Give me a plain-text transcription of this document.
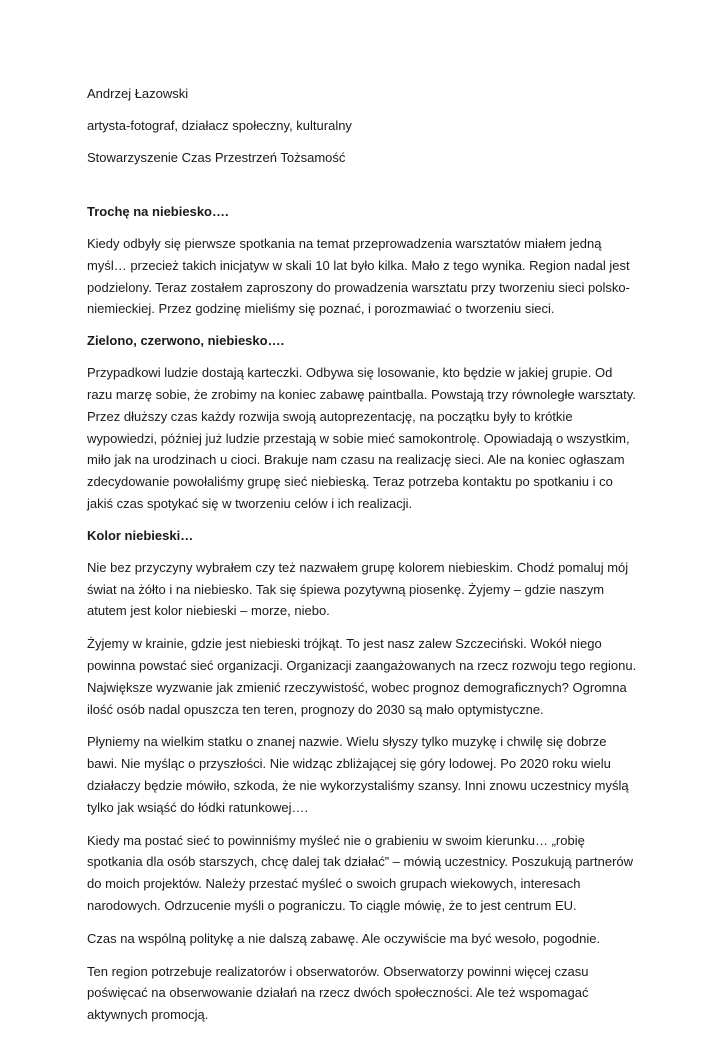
Andrzej Łazowski

artysta-fotograf, działacz społeczny, kulturalny

Stowarzyszenie Czas Przestrzeń Tożsamość

Trochę na niebiesko….

Kiedy odbyły się pierwsze spotkania na temat przeprowadzenia warsztatów miałem jedną myśl… przecież takich inicjatyw w skali 10 lat było kilka. Mało z tego wynika. Region nadal jest podzielony. Teraz zostałem zaproszony do prowadzenia warsztatu przy tworzeniu sieci polsko-niemieckiej. Przez godzinę mieliśmy się poznać, i porozmawiać o tworzeniu sieci.

Zielono, czerwono, niebiesko….

Przypadkowi ludzie dostają karteczki. Odbywa się losowanie, kto będzie w jakiej grupie. Od razu marzę sobie, że zrobimy na koniec zabawę paintballa. Powstają trzy równoległe warsztaty. Przez dłuższy czas każdy rozwija swoją autoprezentację, na początku były to krótkie wypowiedzi, później już ludzie przestają w sobie mieć samokontrolę. Opowiadają o wszystkim, miło jak na urodzinach u cioci. Brakuje nam czasu na realizację sieci. Ale na koniec ogłaszam zdecydowanie powołaliśmy grupę sieć niebieską. Teraz potrzeba kontaktu po spotkaniu i co jakiś czas spotykać się w tworzeniu celów i ich realizacji.

Kolor niebieski…

Nie bez przyczyny wybrałem czy też nazwałem grupę kolorem niebieskim. Chodź pomaluj mój świat na żółto i na niebiesko. Tak się śpiewa pozytywną piosenkę. Żyjemy – gdzie naszym atutem jest kolor niebieski – morze, niebo.

Żyjemy w krainie, gdzie jest niebieski trójkąt. To jest nasz zalew Szczeciński. Wokół niego powinna powstać sieć organizacji. Organizacji zaangażowanych na rzecz rozwoju tego regionu. Największe wyzwanie jak zmienić rzeczywistość, wobec prognoz demograficznych? Ogromna ilość osób nadal opuszcza ten teren, prognozy do 2030 są mało optymistyczne.

Płyniemy na wielkim statku o znanej nazwie. Wielu słyszy tylko muzykę i chwilę się dobrze bawi. Nie myśląc o przyszłości. Nie widząc zbliżającej się góry lodowej. Po 2020 roku wielu działaczy będzie mówiło, szkoda, że nie wykorzystaliśmy szansy. Inni znowu uczestnicy myślą tylko jak wsiąść do łódki ratunkowej….

Kiedy ma postać sieć to powinniśmy myśleć nie o grabieniu w swoim kierunku… „robię spotkania dla osób starszych, chcę dalej tak działać” – mówią uczestnicy. Poszukują partnerów do moich projektów. Należy przestać myśleć o swoich grupach wiekowych, interesach narodowych. Odrzucenie myśli o pograniczu. To ciągle mówię, że to jest centrum EU.

Czas na wspólną politykę a nie dalszą zabawę. Ale oczywiście ma być wesoło, pogodnie.

Ten region potrzebuje realizatorów i obserwatorów. Obserwatorzy powinni więcej czasu poświęcać na obserwowanie działań na rzecz dwóch społeczności. Ale też wspomagać aktywnych promocją.
